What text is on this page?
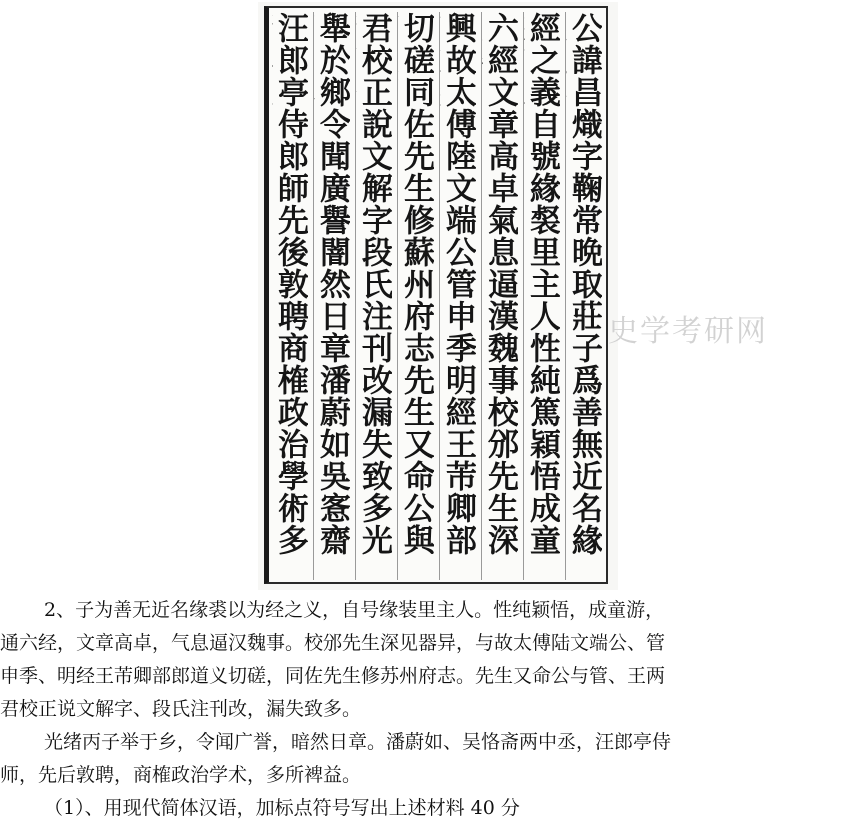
公諱昌熾字鞠常晩取莊子爲善無近名緣
經之義自號緣裻里主人性純篤穎悟成童
六經文章高卓氣息逼漢魏事校邠先生深
興故太傅陸文端公管申季明經王芾卿部
切磋同佐先生修蘇州府志先生又命公與
君校正說文解字段氏注刊改漏失致多光
舉於鄉令聞廣譽闇然日章潘蔚如吳愙齋
汪郎亭侍郎師先後敦聘商榷政治學術多
史学考研网
2、子为善无近名缘裘以为经之义，自号缘装里主人。性纯颖悟，成童游，
通六经，文章高卓，气息逼汉魏事。校邠先生深见器异，与故太傅陆文端公、管
申季、明经王芾卿部郎道义切磋，同佐先生修苏州府志。先生又命公与管、王两
君校正说文解字、段氏注刊改，漏失致多。
光绪丙子举于乡，令闻广誉，暗然日章。潘蔚如、吴恪斋两中丞，汪郎亭侍
师，先后敦聘，商榷政治学术，多所裨益。
（1）、用现代简体汉语，加标点符号写出上述材料 40 分
